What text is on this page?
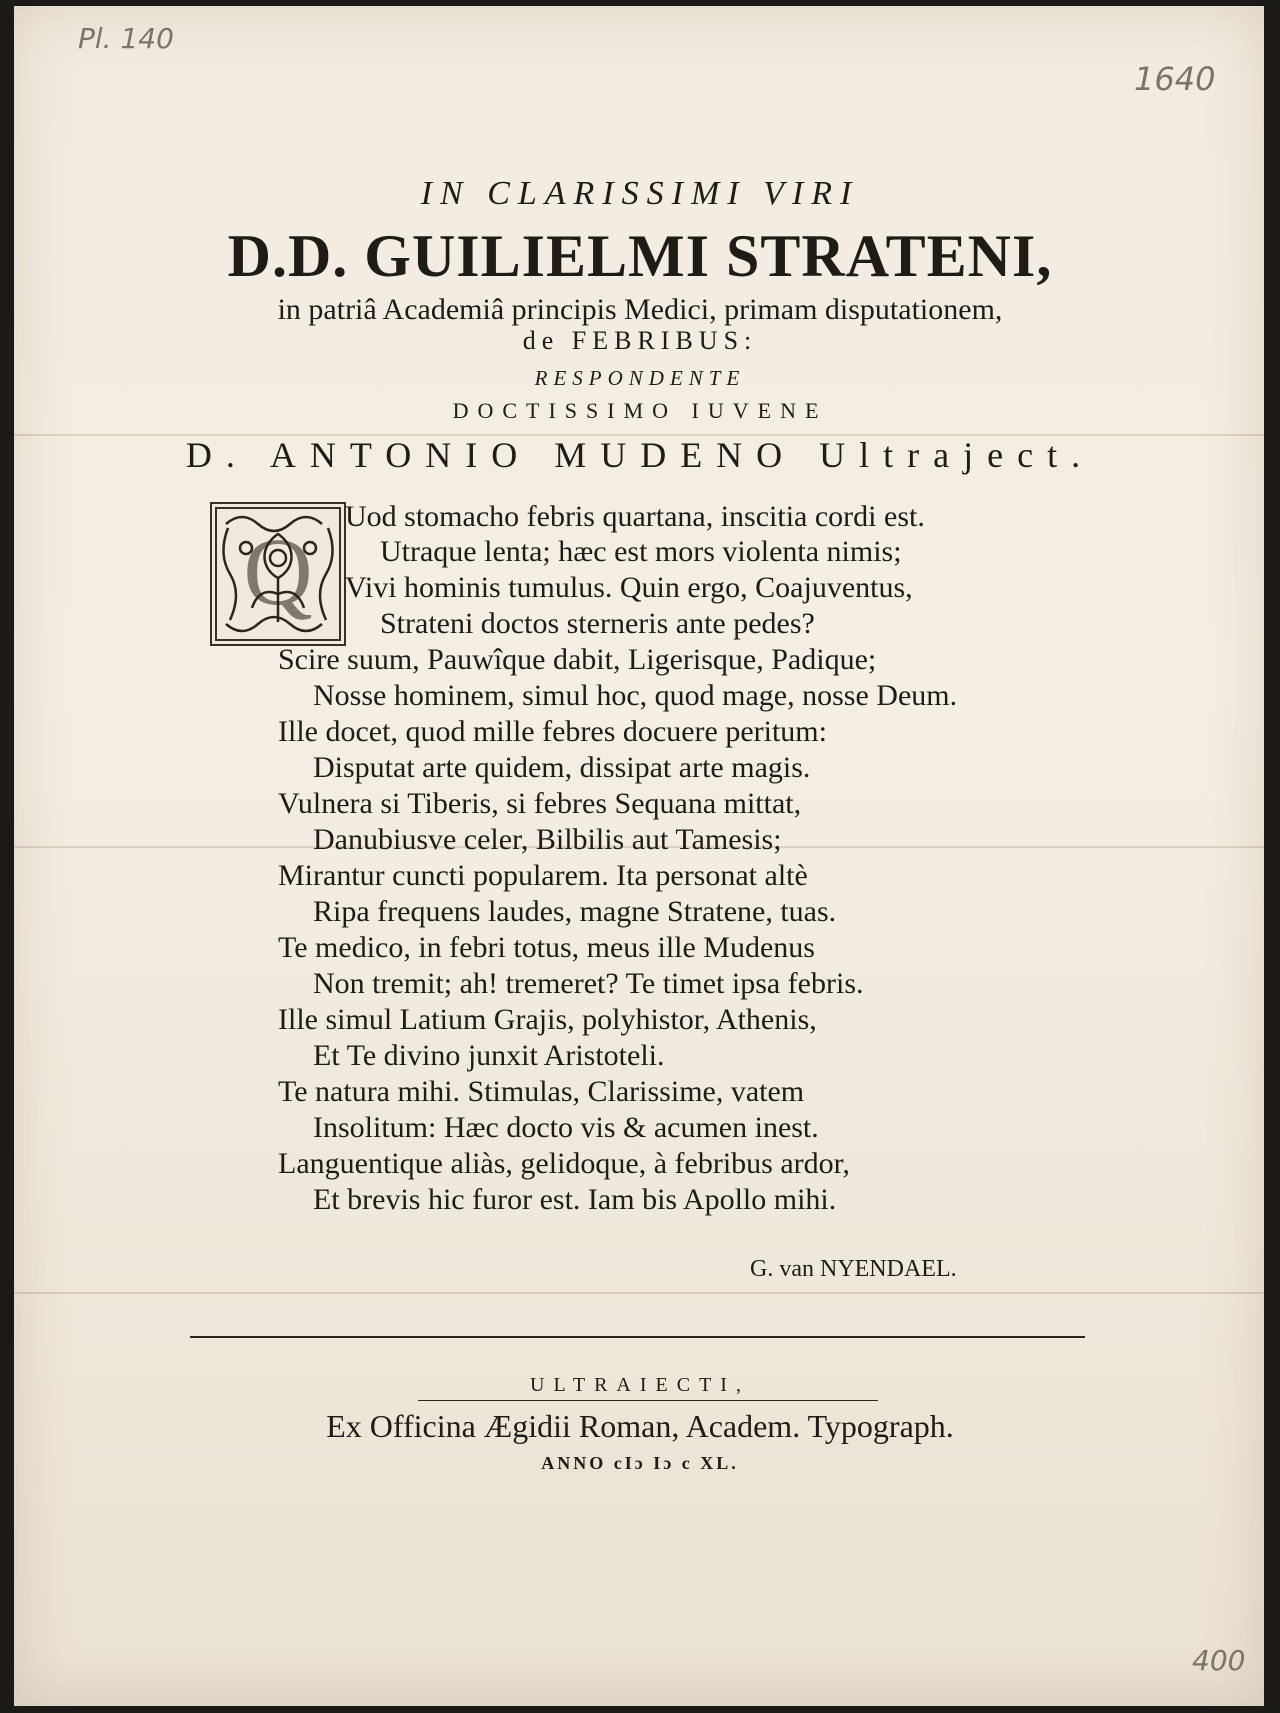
Pl. 140
1640
400
IN CLARISSIMI VIRI
D.D. GUILIELMI STRATENI,
in patriâ Academiâ principis Medici, primam disputationem,
de FEBRIBUS:
RESPONDENTE
DOCTISSIMO IUVENE
D. ANTONIO MUDENO Ultraject.
Q
Uod stomacho febris quartana, inscitia cordi est.
Utraque lenta; hæc est mors violenta nimis;
Vivi hominis tumulus. Quin ergo, Coajuventus,
Strateni doctos sterneris ante pedes?
Scire suum, Pauwîque dabit, Ligerisque, Padique;
Nosse hominem, simul hoc, quod mage, nosse Deum.
Ille docet, quod mille febres docuere peritum:
Disputat arte quidem, dissipat arte magis.
Vulnera si Tiberis, si febres Sequana mittat,
Danubiusve celer, Bilbilis aut Tamesis;
Mirantur cuncti popularem. Ita personat altè
Ripa frequens laudes, magne Stratene, tuas.
Te medico, in febri totus, meus ille Mudenus
Non tremit; ah! tremeret? Te timet ipsa febris.
Ille simul Latium Grajis, polyhistor, Athenis,
Et Te divino junxit Aristoteli.
Te natura mihi. Stimulas, Clarissime, vatem
Insolitum: Hæc docto vis & acumen inest.
Languentique aliàs, gelidoque, à febribus ardor,
Et brevis hic furor est. Iam bis Apollo mihi.
G. van NYENDAEL.
ULTRAIECTI,
Ex Officina Ægidii Roman, Academ. Typograph.
ANNO cIɔ Iɔ c XL.
